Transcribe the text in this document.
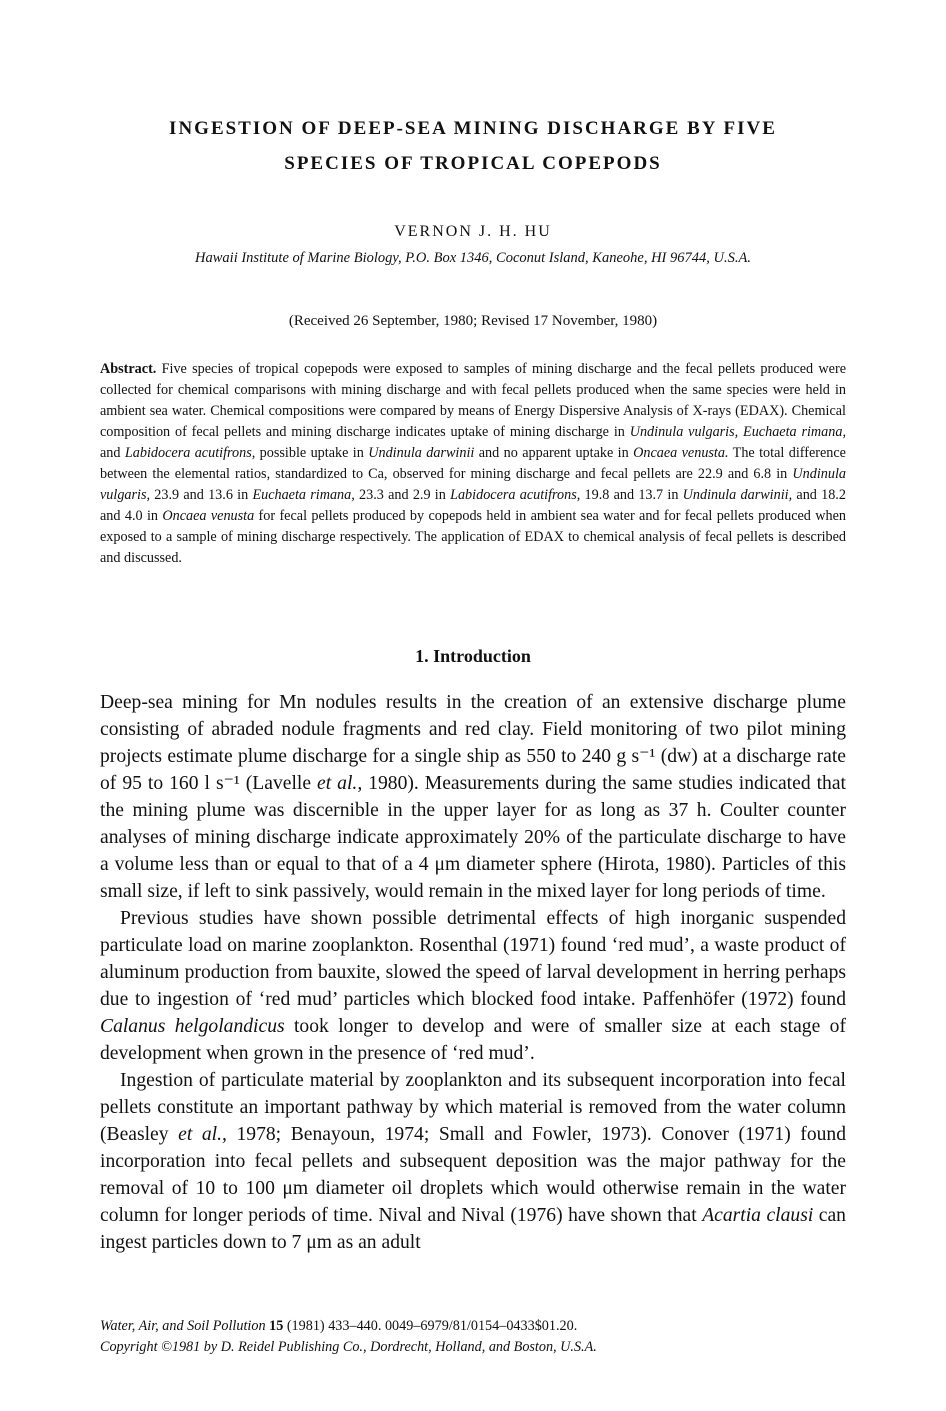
INGESTION OF DEEP-SEA MINING DISCHARGE BY FIVE
SPECIES OF TROPICAL COPEPODS

VERNON J. H. HU

Hawaii Institute of Marine Biology, P.O. Box 1346, Coconut Island, Kaneohe, HI 96744, U.S.A.

(Received 26 September, 1980; Revised 17 November, 1980)

Abstract. Five species of tropical copepods were exposed to samples of mining discharge and the fecal pellets produced were collected for chemical comparisons with mining discharge and with fecal pellets produced when the same species were held in ambient sea water. Chemical compositions were compared by means of Energy Dispersive Analysis of X-rays (EDAX). Chemical composition of fecal pellets and mining discharge indicates uptake of mining discharge in Undinula vulgaris, Euchaeta rimana, and Labidocera acutifrons, possible uptake in Undinula darwinii and no apparent uptake in Oncaea venusta. The total difference between the elemental ratios, standardized to Ca, observed for mining discharge and fecal pellets are 22.9 and 6.8 in Undinula vulgaris, 23.9 and 13.6 in Euchaeta rimana, 23.3 and 2.9 in Labidocera acutifrons, 19.8 and 13.7 in Undinula darwinii, and 18.2 and 4.0 in Oncaea venusta for fecal pellets produced by copepods held in ambient sea water and for fecal pellets produced when exposed to a sample of mining discharge respectively. The application of EDAX to chemical analysis of fecal pellets is described and discussed.

1. Introduction

Deep-sea mining for Mn nodules results in the creation of an extensive discharge plume consisting of abraded nodule fragments and red clay. Field monitoring of two pilot mining projects estimate plume discharge for a single ship as 550 to 240 g s⁻¹ (dw) at a discharge rate of 95 to 160 l s⁻¹ (Lavelle et al., 1980). Measurements during the same studies indicated that the mining plume was discernible in the upper layer for as long as 37 h. Coulter counter analyses of mining discharge indicate approximately 20% of the particulate discharge to have a volume less than or equal to that of a 4 μm diameter sphere (Hirota, 1980). Particles of this small size, if left to sink passively, would remain in the mixed layer for long periods of time.

Previous studies have shown possible detrimental effects of high inorganic suspended particulate load on marine zooplankton. Rosenthal (1971) found ‘red mud’, a waste product of aluminum production from bauxite, slowed the speed of larval development in herring perhaps due to ingestion of ‘red mud’ particles which blocked food intake. Paffenhöfer (1972) found Calanus helgolandicus took longer to develop and were of smaller size at each stage of development when grown in the presence of ‘red mud’.

Ingestion of particulate material by zooplankton and its subsequent incorporation into fecal pellets constitute an important pathway by which material is removed from the water column (Beasley et al., 1978; Benayoun, 1974; Small and Fowler, 1973). Conover (1971) found incorporation into fecal pellets and subsequent deposition was the major pathway for the removal of 10 to 100 μm diameter oil droplets which would otherwise remain in the water column for longer periods of time. Nival and Nival (1976) have shown that Acartia clausi can ingest particles down to 7 μm as an adult

Water, Air, and Soil Pollution 15 (1981) 433–440. 0049–6979/81/0154–0433$01.20.
Copyright ©1981 by D. Reidel Publishing Co., Dordrecht, Holland, and Boston, U.S.A.
